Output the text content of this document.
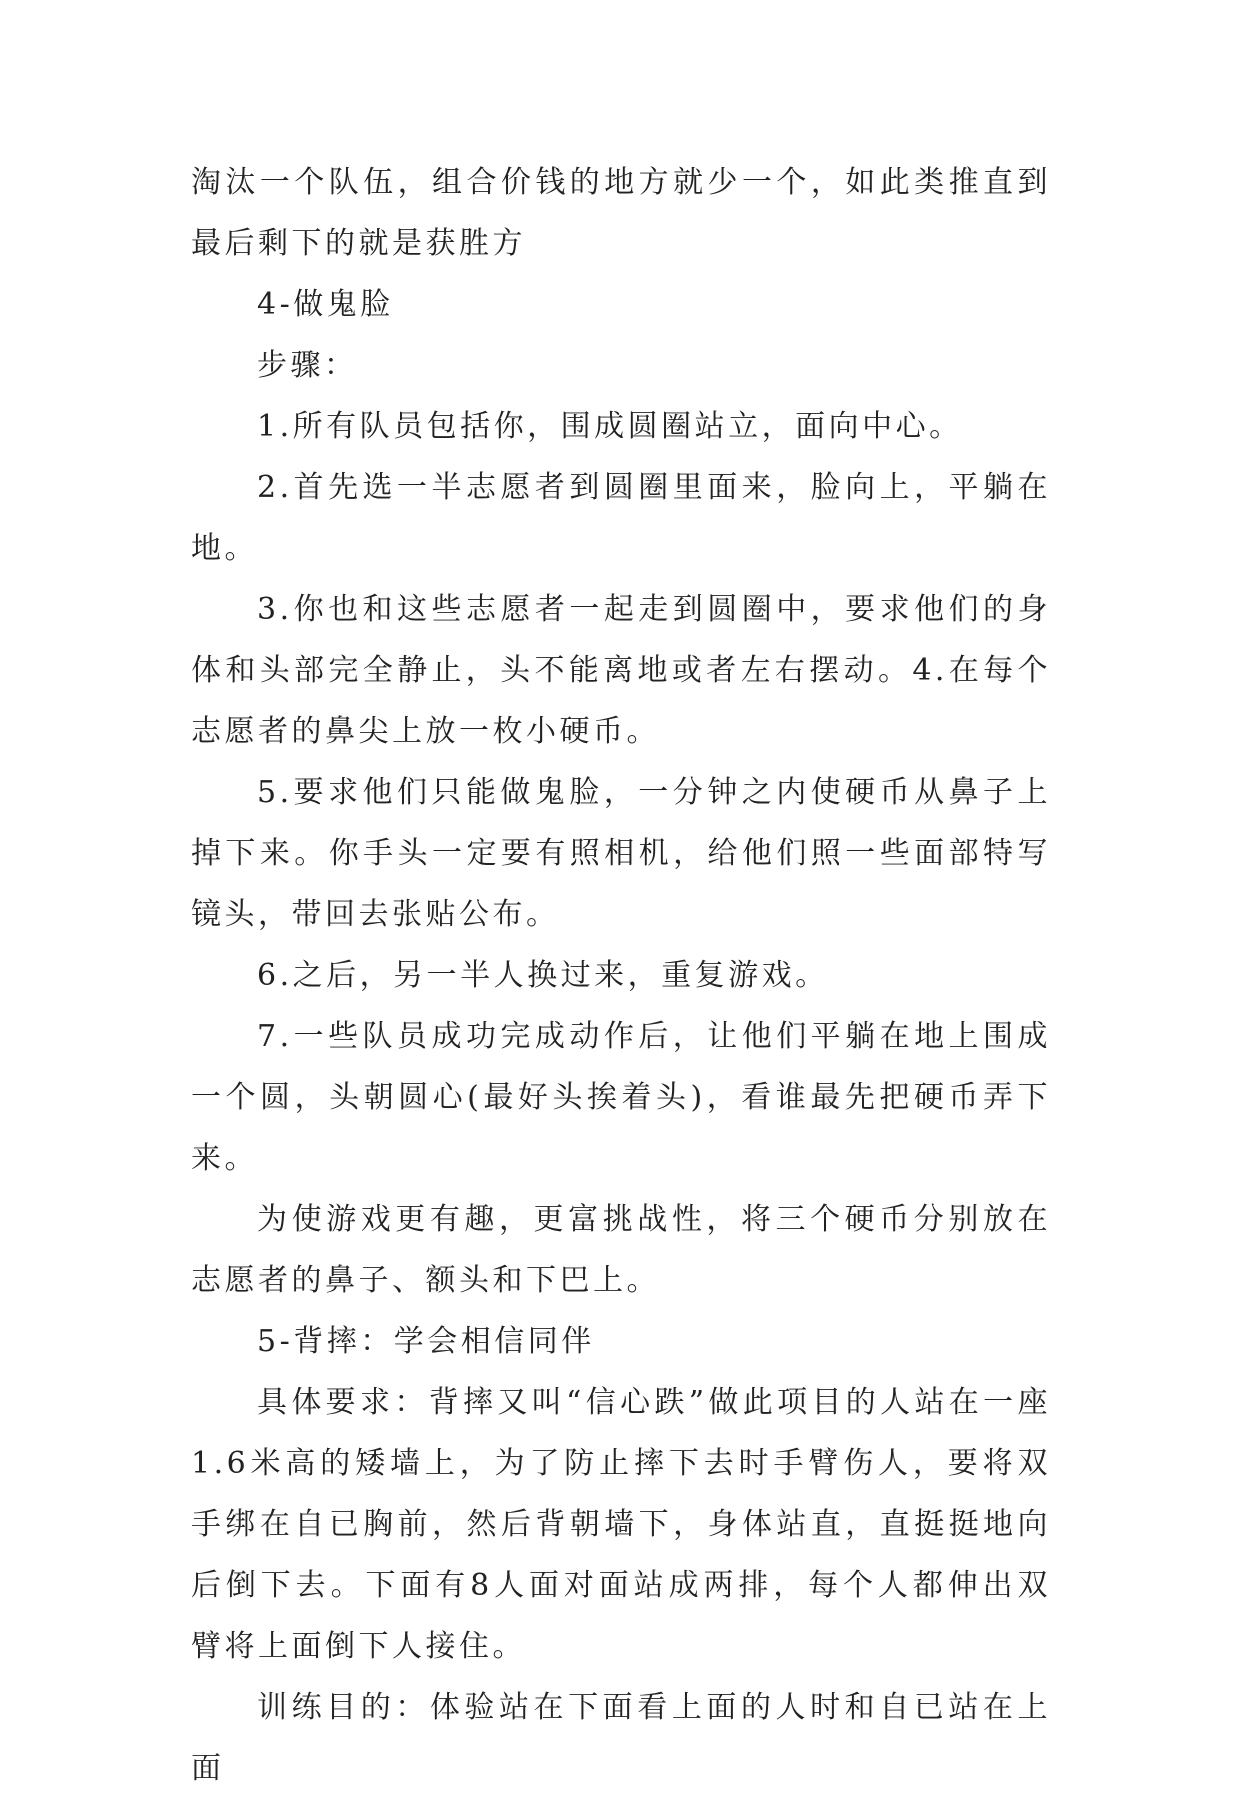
淘汰一个队伍，组合价钱的地方就少一个，如此类推直到最后剩下的就是获胜方

4-做鬼脸

步骤：

1.所有队员包括你，围成圆圈站立，面向中心。

2.首先选一半志愿者到圆圈里面来，脸向上，平躺在地。

3.你也和这些志愿者一起走到圆圈中，要求他们的身体和头部完全静止，头不能离地或者左右摆动。4.在每个志愿者的鼻尖上放一枚小硬币。

5.要求他们只能做鬼脸，一分钟之内使硬币从鼻子上掉下来。你手头一定要有照相机，给他们照一些面部特写镜头，带回去张贴公布。

6.之后，另一半人换过来，重复游戏。

7.一些队员成功完成动作后，让他们平躺在地上围成一个圆，头朝圆心(最好头挨着头)，看谁最先把硬币弄下来。

为使游戏更有趣，更富挑战性，将三个硬币分别放在志愿者的鼻子、额头和下巴上。

5-背摔：学会相信同伴

具体要求：背摔又叫“信心跌”做此项目的人站在一座1.6米高的矮墙上，为了防止摔下去时手臂伤人，要将双手绑在自已胸前，然后背朝墙下，身体站直，直挺挺地向后倒下去。下面有8人面对面站成两排，每个人都伸出双臂将上面倒下人接住。

训练目的：体验站在下面看上面的人时和自已站在上面
